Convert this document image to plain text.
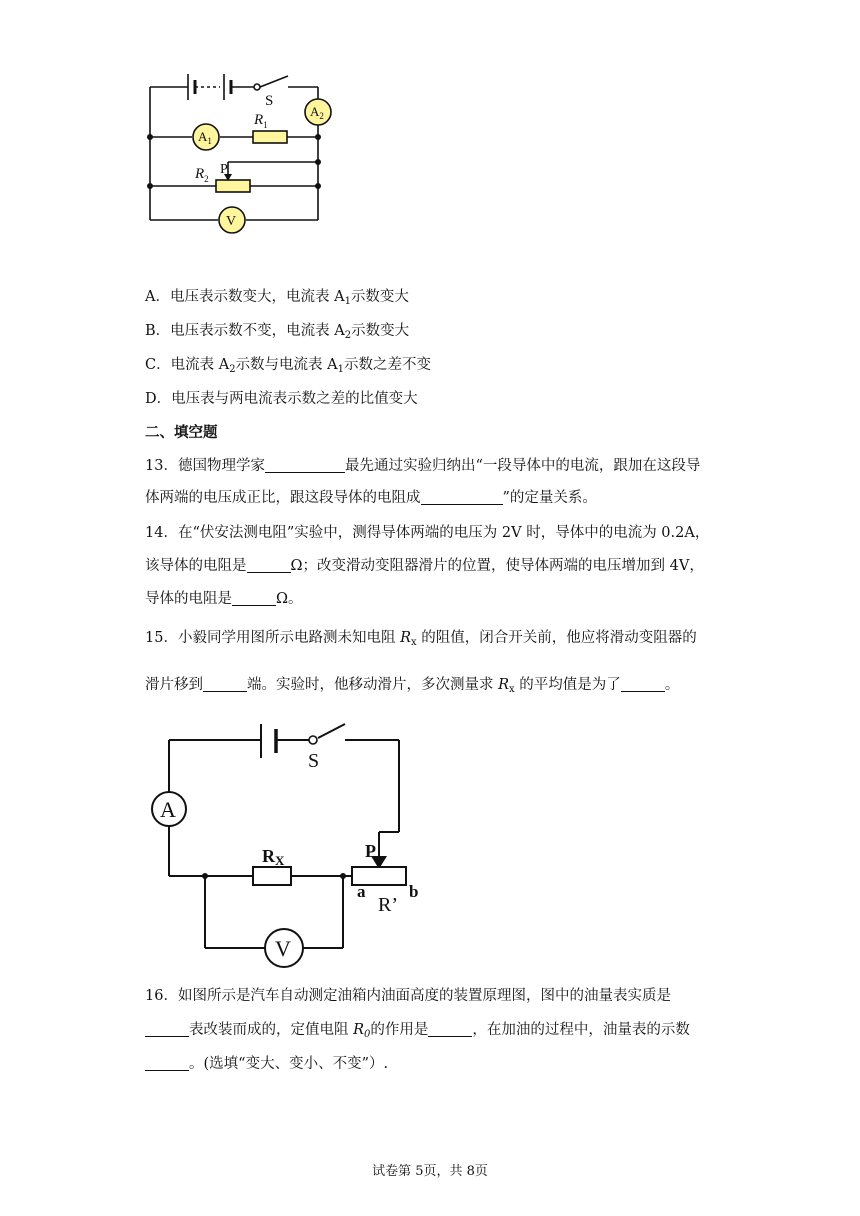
S
$A_2$
$A_1$
$R_1$
$R_2$
P
V
A．电压表示数变大，电流表 $A_1$示数变大
B．电压表示数不变，电流表 $A_2$示数变大
C．电流表 $A_2$示数与电流表 $A_1$示数之差不变
D．电压表与两电流表示数之差的比值变大
二、填空题
13．德国物理学家	最先通过实验归纳出“一段导体中的电流，跟加在这段导
体两端的电压成正比，跟这段导体的电阻成	”的定量关系。
14．在“伏安法测电阻”实验中，测得导体两端的电压为 2V 时，导体中的电流为 0.2A，
该导体的电阻是	Ω；改变滑动变阻器滑片的位置，使导体两端的电压增加到 4V，
导体的电阻是	Ω。
15．小毅同学用图所示电路测未知电阻 $R_x$ 的阻值，闭合开关前，他应将滑动变阻器的
滑片移到	端。实验时，他移动滑片，多次测量求 $R_x$ 的平均值是为了	。
S
A
RX	P
a	b
R’
V
16．如图所示是汽车自动测定油箱内油面高度的装置原理图，图中的油量表实质是
表改装而成的，定值电阻 $R_0$的作用是	，在加油的过程中，油量表的示数
。(选填“变大、变小、不变”）.
试卷第 5页，共 8页
